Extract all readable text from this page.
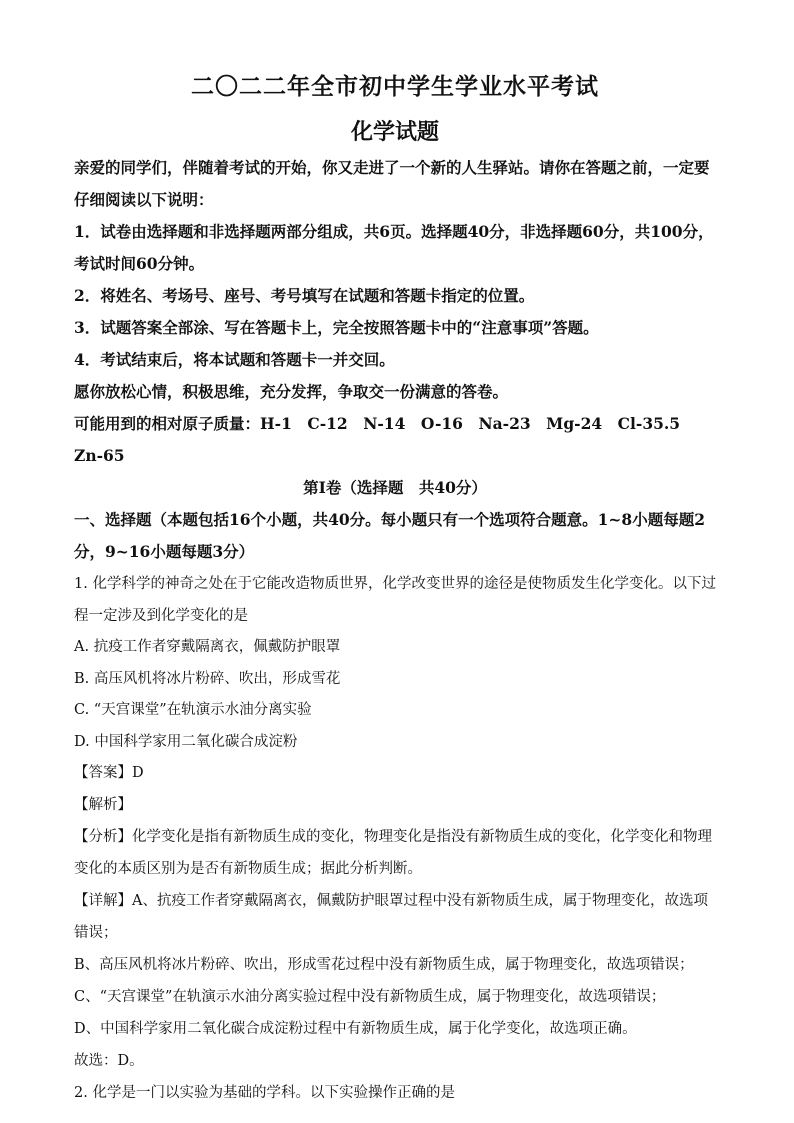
二〇二二年全市初中学生学业水平考试
化学试题

亲爱的同学们，伴随着考试的开始，你又走进了一个新的人生驿站。请你在答题之前，一定要仔细阅读以下说明：

1．试卷由选择题和非选择题两部分组成，共6页。选择题40分，非选择题60分，共100分，考试时间60分钟。

2．将姓名、考场号、座号、考号填写在试题和答题卡指定的位置。

3．试题答案全部涂、写在答题卡上，完全按照答题卡中的“注意事项”答题。

4．考试结束后，将本试题和答题卡一并交回。

愿你放松心情，积极思维，充分发挥，争取交一份满意的答卷。

可能用到的相对原子质量：H-1　C-12　N-14　O-16　Na-23　Mg-24　Cl-35.5　Zn-65

第Ⅰ卷（选择题　共40分）

一、选择题（本题包括16个小题，共40分。每小题只有一个选项符合题意。1~8小题每题2分，9~16小题每题3分）

1. 化学科学的神奇之处在于它能改造物质世界，化学改变世界的途径是使物质发生化学变化。以下过程一定涉及到化学变化的是

A. 抗疫工作者穿戴隔离衣，佩戴防护眼罩

B. 高压风机将冰片粉碎、吹出，形成雪花

C. “天宫课堂”在轨演示水油分离实验

D. 中国科学家用二氧化碳合成淀粉

【答案】D

【解析】

【分析】化学变化是指有新物质生成的变化，物理变化是指没有新物质生成的变化，化学变化和物理变化的本质区别为是否有新物质生成；据此分析判断。

【详解】A、抗疫工作者穿戴隔离衣，佩戴防护眼罩过程中没有新物质生成，属于物理变化，故选项错误；

B、高压风机将冰片粉碎、吹出，形成雪花过程中没有新物质生成，属于物理变化，故选项错误；

C、“天宫课堂”在轨演示水油分离实验过程中没有新物质生成，属于物理变化，故选项错误；

D、中国科学家用二氧化碳合成淀粉过程中有新物质生成，属于化学变化，故选项正确。

故选：D。

2. 化学是一门以实验为基础的学科。以下实验操作正确的是
